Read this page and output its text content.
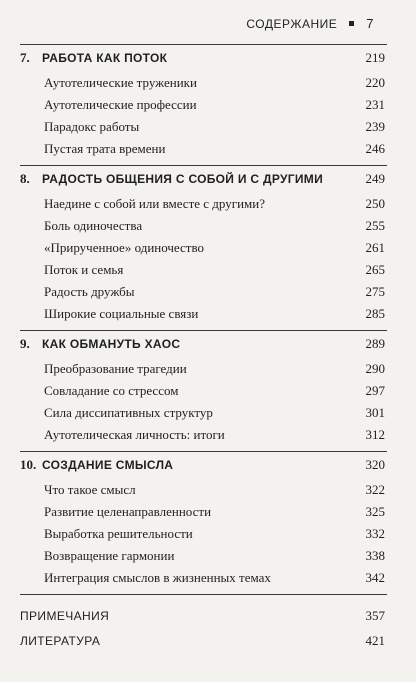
СОДЕРЖАНИЕ 7
7. РАБОТА КАК ПОТОК	219
Аутотелические труженики	220
Аутотелические профессии	231
Парадокс работы	239
Пустая трата времени	246
8. РАДОСТЬ ОБЩЕНИЯ С СОБОЙ И С ДРУГИМИ	249
Наедине с собой или вместе с другими?	250
Боль одиночества	255
«Прирученное» одиночество	261
Поток и семья	265
Радость дружбы	275
Широкие социальные связи	285
9. КАК ОБМАНУТЬ ХАОС	289
Преобразование трагедии	290
Совладание со стрессом	297
Сила диссипативных структур	301
Аутотелическая личность: итоги	312
10. СОЗДАНИЕ СМЫСЛА	320
Что такое смысл	322
Развитие целенаправленности	325
Выработка решительности	332
Возвращение гармонии	338
Интеграция смыслов в жизненных темах	342
ПРИМЕЧАНИЯ	357
ЛИТЕРАТУРА	421
